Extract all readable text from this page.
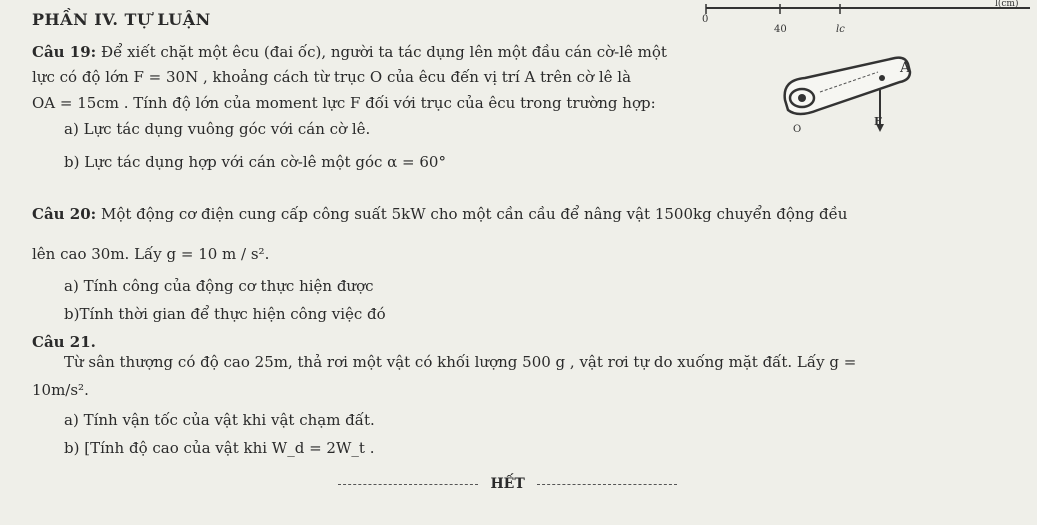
PHẦN IV. TỰ LUẬN
Câu 19: Để xiết chặt một êcu (đai ốc), người ta tác dụng lên một đầu cán cờ-lê một
lực có độ lớn F = 30N , khoảng cách từ trục O của êcu đến vị trí A trên cờ lê là
OA = 15cm . Tính độ lớn của moment lực F đối với trục của êcu trong trường hợp:
a) Lực tác dụng vuông góc với cán cờ lê.
b) Lực tác dụng hợp với cán cờ-lê một góc α = 60°
0
40	lc
l(cm)
A
O
F
Câu 20: Một động cơ điện cung cấp công suất 5kW cho một cần cầu để nâng vật 1500kg chuyển động đều
lên cao 30m. Lấy g = 10 m / s².
a) Tính công của động cơ thực hiện được
b)Tính thời gian để thực hiện công việc đó
Câu 21.
Từ sân thượng có độ cao 25m, thả rơi một vật có khối lượng 500 g , vật rơi tự do xuống mặt đất. Lấy g =
10m/s².
a) Tính vận tốc của vật khi vật chạm đất.
b) [Tính độ cao của vật khi W_d = 2W_t .
HẾT
